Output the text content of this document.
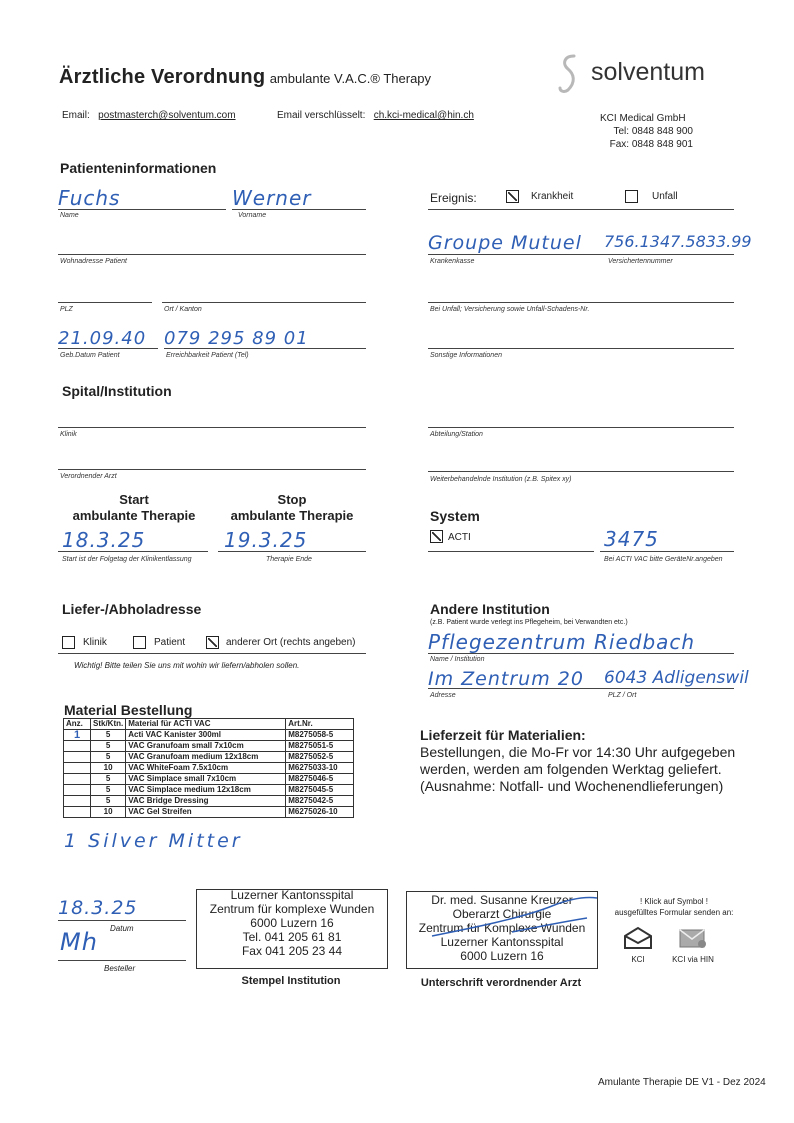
Ärztliche Verordnung ambulante V.A.C.® Therapy	solventum
Email: postmasterch@solventum.com	Email verschlüsselt: ch.kci-medical@hin.ch	KCI Medical GmbH
Tel: 0848 848 900
Fax: 0848 848 901
Patienteninformationen
Fuchs
Name
Werner
Vorname
Wohnadresse Patient
PLZ	Ort / Kanton
21.09.40
Geb.Datum Patient
079 295 89 01
Erreichbarkeit Patient (Tel)
Ereignis:	Krankheit	Unfall
Groupe Mutuel 756.1347.5833.99
Krankenkasse	Versichertennummer
Bei Unfall; Versicherung sowie Unfall-Schadens-Nr.
Sonstige Informationen
Spital/Institution
Klinik	Abteilung/Station
Verordnender Arzt	Weiterbehandelnde Institution (z.B. Spitex xy)
Start
ambulante Therapie
Stop
ambulante Therapie
18.3.25
Start ist der Folgetag der Klinikentlassung
19.3.25
Therapie Ende
System
ACTI	3475
Bei ACTI VAC bitte GeräteNr.angeben
Liefer-/Abholadresse
Klinik	Patient	anderer Ort (rechts angeben)
Wichtig! Bitte teilen Sie uns mit wohin wir liefern/abholen sollen.
Andere Institution
(z.B. Patient wurde verlegt ins Pflegeheim, bei Verwandten etc.)
Pflegezentrum Riedbach
Name / Institution
Im Zentrum 20 6043 Adligenswil
Adresse	PLZ / Ort
Material Bestellung
Anz.	Stk/Ktn.	Material für ACTI VAC	Art.Nr.
1	5	Acti VAC Kanister 300ml	M8275058-5
	5	VAC Granufoam small 7x10cm	M8275051-5
	5	VAC Granufoam medium 12x18cm	M8275052-5
	10	VAC WhiteFoam 7.5x10cm	M6275033-10
	5	VAC Simplace small 7x10cm	M8275046-5
	5	VAC Simplace medium 12x18cm	M8275045-5
	5	VAC Bridge Dressing	M8275042-5
	10	VAC Gel Streifen	M6275026-10
1 Silver Mitter
Lieferzeit für Materialien:
Bestellungen, die Mo-Fr vor 14:30 Uhr aufgegeben
werden, werden am folgenden Werktag geliefert.
(Ausnahme: Notfall- und Wochenendlieferungen)
18.3.25
Datum
Mh
Besteller
Luzerner Kantonsspital
Zentrum für komplexe Wunden
6000 Luzern 16
Tel. 041 205 61 81
Fax 041 205 23 44
Stempel Institution
Dr. med. Susanne Kreuzer
Oberarzt Chirurgie
Zentrum für Komplexe Wunden
Luzerner Kantonsspital
6000 Luzern 16
Unterschrift verordnender Arzt
! Klick auf Symbol !
ausgefülltes Formular senden an:
KCI	KCI via HIN
Amulante Therapie DE V1 - Dez 2024
